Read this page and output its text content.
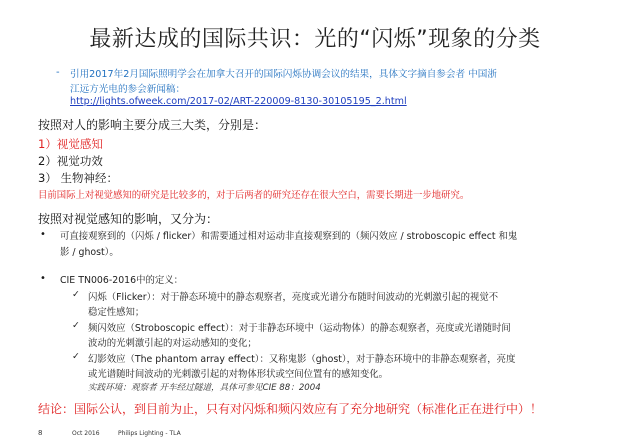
最新达成的国际共识：光的“闪烁”现象的分类
- 引用2017年2月国际照明学会在加拿大召开的国际闪烁协调会议的结果，具体文字摘自参会者 中国浙
江远方光电的参会新闻稿：
http://lights.ofweek.com/2017-02/ART-220009-8130-30105195_2.html
按照对人的影响主要分成三大类，分别是：
1）视觉感知
2）视觉功效
3） 生物神经：
目前国际上对视觉感知的研究是比较多的，对于后两者的研究还存在很大空白，需要长期进一步地研究。
按照对视觉感知的影响，又分为：
• 可直接观察到的（闪烁 / flicker）和需要通过相对运动非直接观察到的（频闪效应 / stroboscopic effect 和鬼
影 / ghost）。
• CIE TN006-2016中的定义：
✓ 闪烁（Flicker）：对于静态环境中的静态观察者，亮度或光谱分布随时间波动的光刺激引起的视觉不
稳定性感知；
✓ 频闪效应（Stroboscopic effect）：对于非静态环境中（运动物体）的静态观察者，亮度或光谱随时间
波动的光刺激引起的对运动感知的变化；
✓ 幻影效应（The phantom array effect）：又称鬼影（ghost），对于静态环境中的非静态观察者，亮度
或光谱随时间波动的光刺激引起的对物体形状或空间位置有的感知变化。
实践环境：观察者 开车经过隧道，具体可参见CIE 88：2004
结论：国际公认，到目前为止，只有对闪烁和频闪效应有了充分地研究（标准化正在进行中）！
8	Oct 2016	Philips Lighting - TLA
